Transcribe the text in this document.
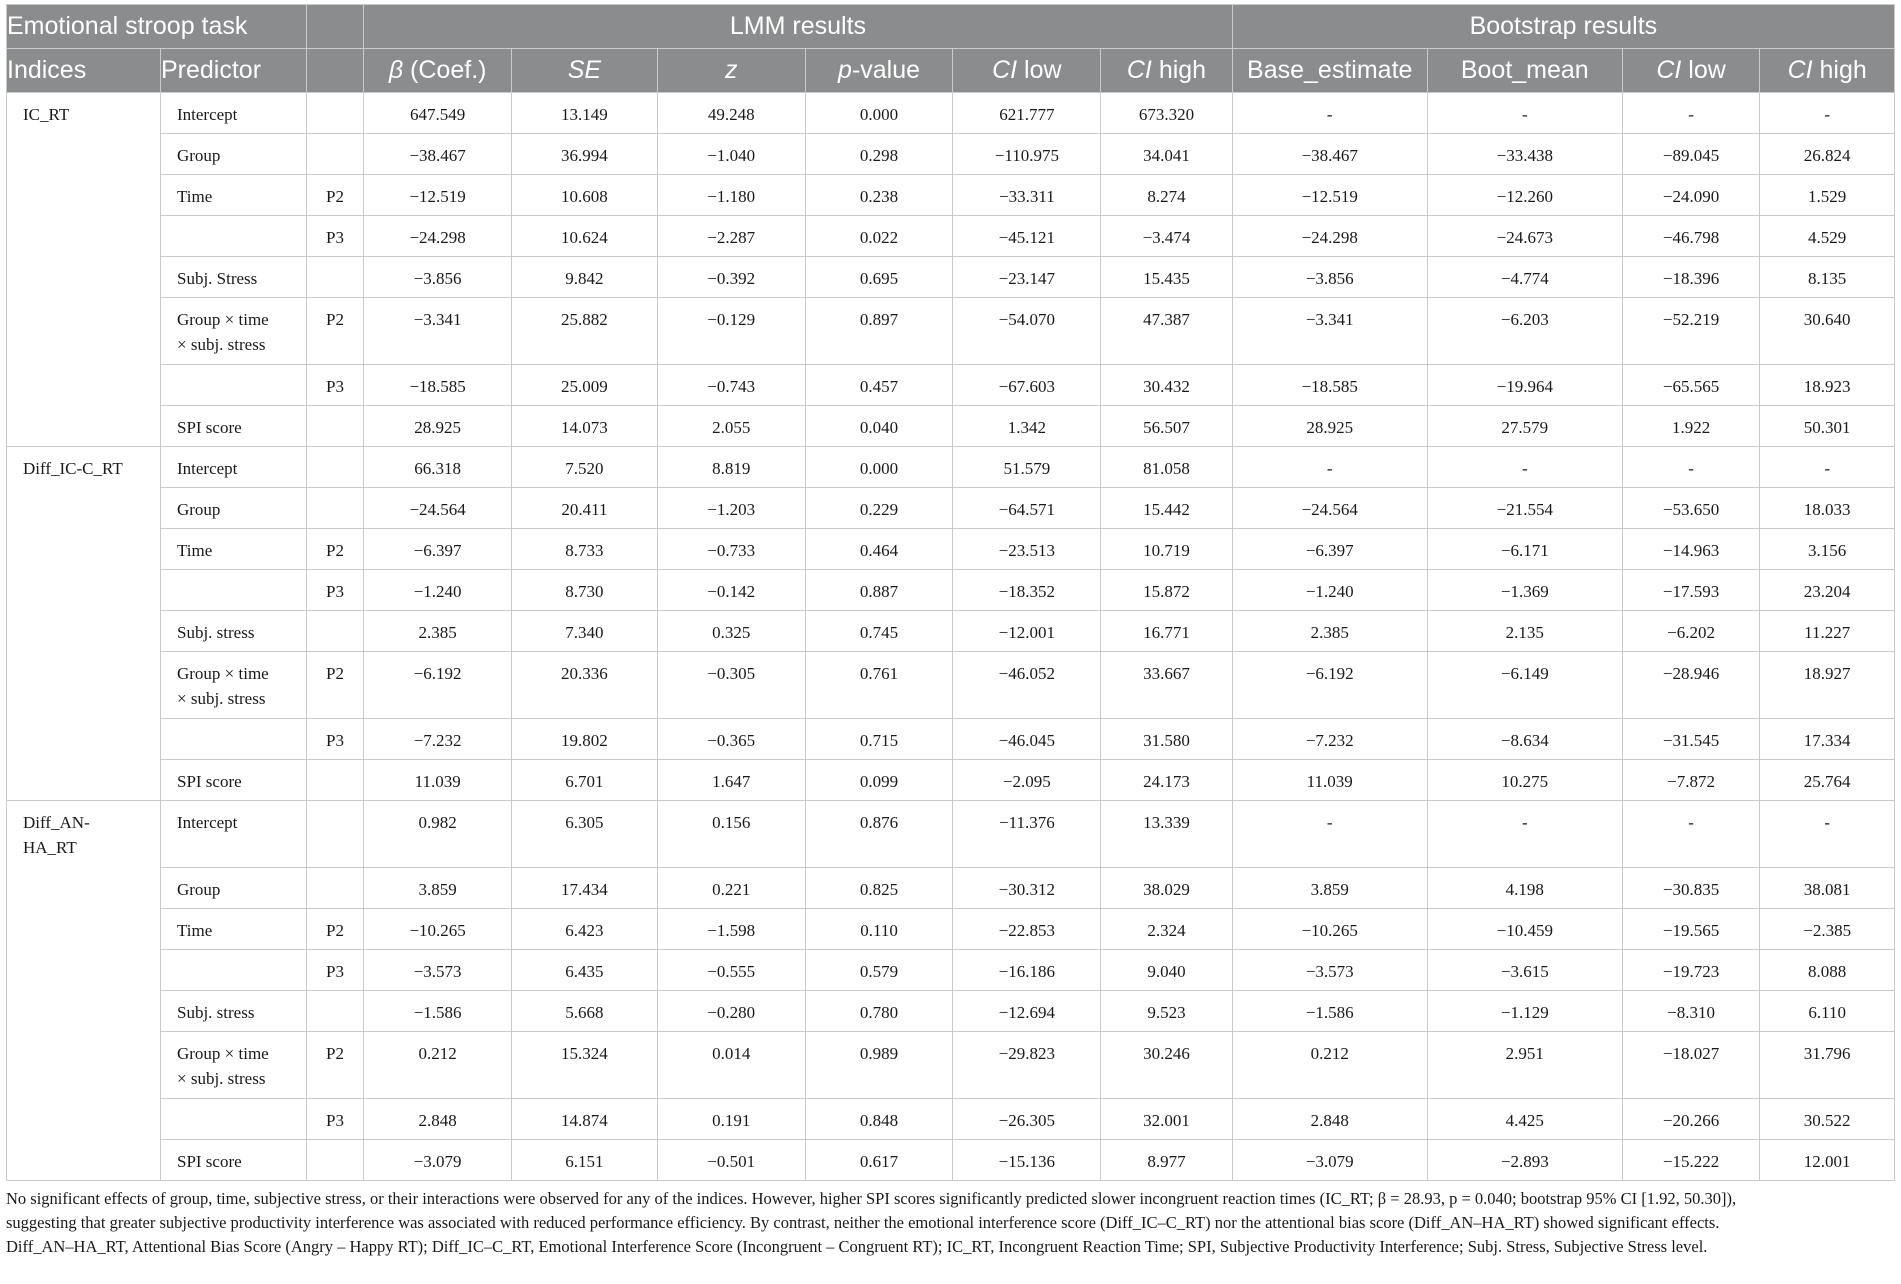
Emotional stroop task			LMM results						Bootstrap results			
Indices	Predictor		β (Coef.)	SE	z	p-value	CI low	CI high	Base_estimate	Boot_mean	CI low	CI high

IC_RT	Intercept		647.549	13.149	49.248	0.000	621.777	673.320	-	-	-	-

	Group		−38.467	36.994	−1.040	0.298	−110.975	34.041	−38.467	−33.438	−89.045	26.824

	Time	P2	−12.519	10.608	−1.180	0.238	−33.311	8.274	−12.519	−12.260	−24.090	1.529

		P3	−24.298	10.624	−2.287	0.022	−45.121	−3.474	−24.298	−24.673	−46.798	4.529

	Subj. Stress		−3.856	9.842	−0.392	0.695	−23.147	15.435	−3.856	−4.774	−18.396	8.135

	Group × time
× subj. stress	P2	−3.341	25.882	−0.129	0.897	−54.070	47.387	−3.341	−6.203	−52.219	30.640

		P3	−18.585	25.009	−0.743	0.457	−67.603	30.432	−18.585	−19.964	−65.565	18.923

	SPI score		28.925	14.073	2.055	0.040	1.342	56.507	28.925	27.579	1.922	50.301

Diff_IC-C_RT	Intercept		66.318	7.520	8.819	0.000	51.579	81.058	-	-	-	-

	Group		−24.564	20.411	−1.203	0.229	−64.571	15.442	−24.564	−21.554	−53.650	18.033

	Time	P2	−6.397	8.733	−0.733	0.464	−23.513	10.719	−6.397	−6.171	−14.963	3.156

		P3	−1.240	8.730	−0.142	0.887	−18.352	15.872	−1.240	−1.369	−17.593	23.204

	Subj. stress		2.385	7.340	0.325	0.745	−12.001	16.771	2.385	2.135	−6.202	11.227

	Group × time
× subj. stress	P2	−6.192	20.336	−0.305	0.761	−46.052	33.667	−6.192	−6.149	−28.946	18.927

		P3	−7.232	19.802	−0.365	0.715	−46.045	31.580	−7.232	−8.634	−31.545	17.334

	SPI score		11.039	6.701	1.647	0.099	−2.095	24.173	11.039	10.275	−7.872	25.764

Diff_AN-
HA_RT	Intercept		0.982	6.305	0.156	0.876	−11.376	13.339	-	-	-	-

	Group		3.859	17.434	0.221	0.825	−30.312	38.029	3.859	4.198	−30.835	38.081

	Time	P2	−10.265	6.423	−1.598	0.110	−22.853	2.324	−10.265	−10.459	−19.565	−2.385

		P3	−3.573	6.435	−0.555	0.579	−16.186	9.040	−3.573	−3.615	−19.723	8.088

	Subj. stress		−1.586	5.668	−0.280	0.780	−12.694	9.523	−1.586	−1.129	−8.310	6.110

	Group × time
× subj. stress	P2	0.212	15.324	0.014	0.989	−29.823	30.246	0.212	2.951	−18.027	31.796

		P3	2.848	14.874	0.191	0.848	−26.305	32.001	2.848	4.425	−20.266	30.522

	SPI score		−3.079	6.151	−0.501	0.617	−15.136	8.977	−3.079	−2.893	−15.222	12.001

No significant effects of group, time, subjective stress, or their interactions were observed for any of the indices. However, higher SPI scores significantly predicted slower incongruent reaction times (IC_RT; β = 28.93, p = 0.040; bootstrap 95% CI [1.92, 50.30]),

suggesting that greater subjective productivity interference was associated with reduced performance efficiency. By contrast, neither the emotional interference score (Diff_IC–C_RT) nor the attentional bias score (Diff_AN–HA_RT) showed significant effects.

Diff_AN–HA_RT, Attentional Bias Score (Angry – Happy RT); Diff_IC–C_RT, Emotional Interference Score (Incongruent – Congruent RT); IC_RT, Incongruent Reaction Time; SPI, Subjective Productivity Interference; Subj. Stress, Subjective Stress level.
